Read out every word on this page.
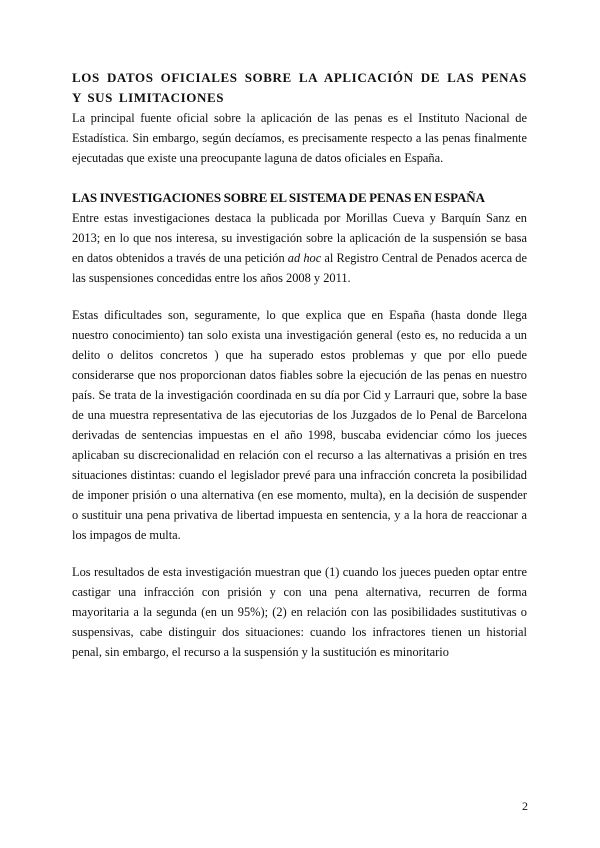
LOS DATOS OFICIALES SOBRE LA APLICACIÓN DE LAS PENAS Y SUS LIMITACIONES

La principal fuente oficial sobre la aplicación de las penas es el Instituto Nacional de Estadística. Sin embargo, según decíamos, es precisamente respecto a las penas finalmente ejecutadas que existe una preocupante laguna de datos oficiales en España.

LAS INVESTIGACIONES SOBRE EL SISTEMA DE PENAS EN ESPAÑA

Entre estas investigaciones destaca la publicada por Morillas Cueva y Barquín Sanz en 2013; en lo que nos interesa, su investigación sobre la aplicación de la suspensión se basa en datos obtenidos a través de una petición ad hoc al Registro Central de Penados acerca de las suspensiones concedidas entre los años 2008 y 2011.

Estas dificultades son, seguramente, lo que explica que en España (hasta donde llega nuestro conocimiento) tan solo exista una investigación general (esto es, no reducida a un delito o delitos concretos ) que ha superado estos problemas y que por ello puede considerarse que nos proporcionan datos fiables sobre la ejecución de las penas en nuestro país. Se trata de la investigación coordinada en su día por Cid y Larrauri que, sobre la base de una muestra representativa de las ejecutorias de los Juzgados de lo Penal de Barcelona derivadas de sentencias impuestas en el año 1998, buscaba evidenciar cómo los jueces aplicaban su discrecionalidad en relación con el recurso a las alternativas a prisión en tres situaciones distintas: cuando el legislador prevé para una infracción concreta la posibilidad de imponer prisión o una alternativa (en ese momento, multa), en la decisión de suspender o sustituir una pena privativa de libertad impuesta en sentencia, y a la hora de reaccionar a los impagos de multa.

Los resultados de esta investigación muestran que (1) cuando los jueces pueden optar entre castigar una infracción con prisión y con una pena alternativa, recurren de forma mayoritaria a la segunda (en un 95%); (2) en relación con las posibilidades sustitutivas o suspensivas, cabe distinguir dos situaciones: cuando los infractores tienen un historial penal, sin embargo, el recurso a la suspensión y la sustitución es minoritario

2
